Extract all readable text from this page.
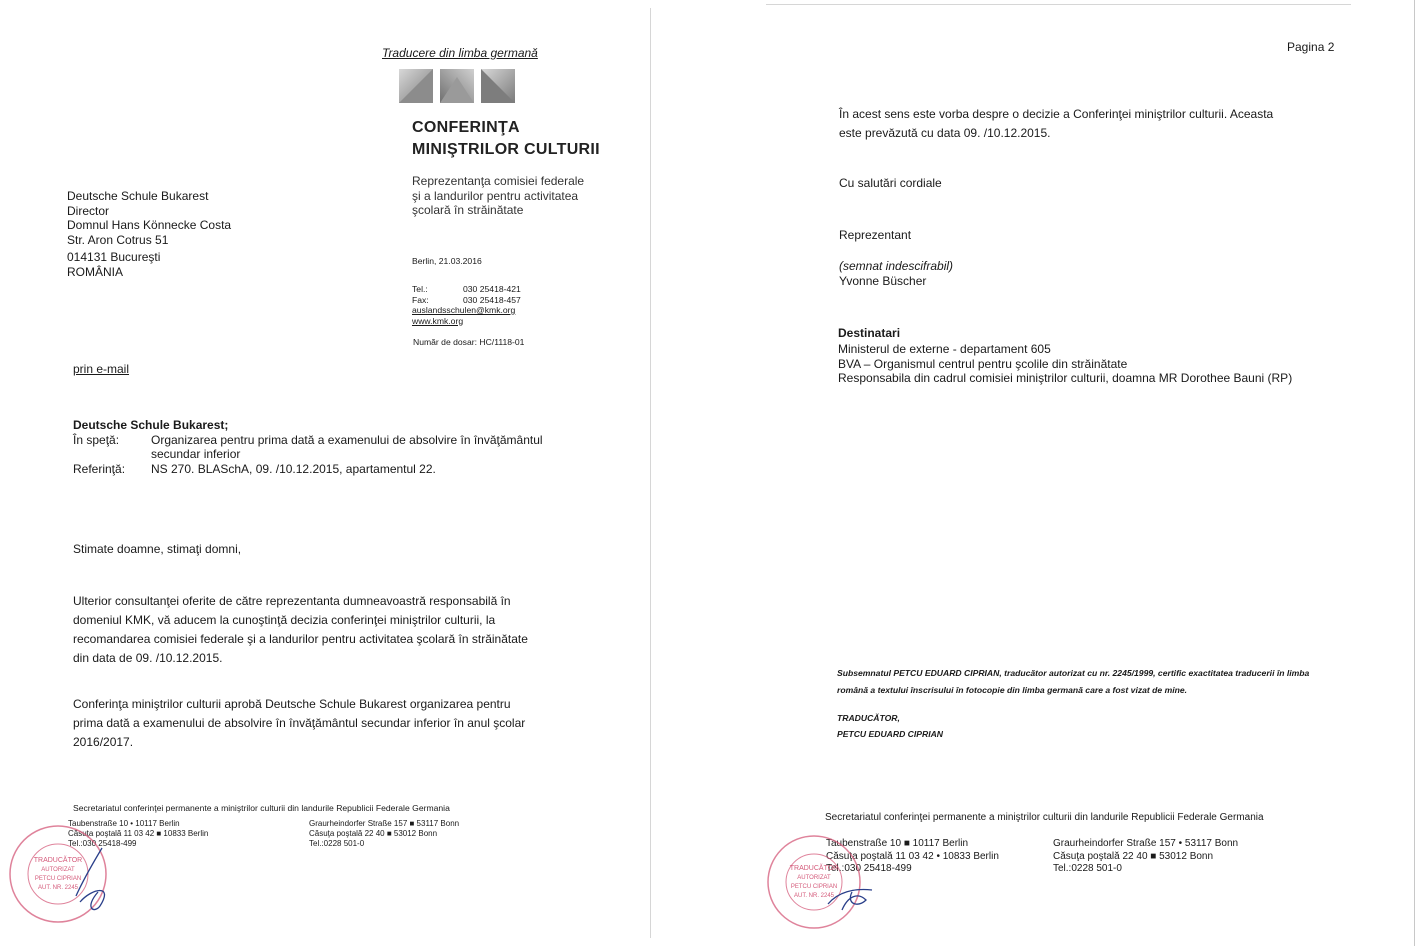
Traducere din limba germană
CONFERINŢA
MINIŞTRILOR CULTURII
Reprezentanţa comisiei federale
şi a landurilor pentru activitatea
şcolară în străinătate
Deutsche Schule Bukarest
Director
Domnul Hans Könnecke Costa
Str. Aron Cotrus 51
014131 Bucureşti
ROMÂNIA
Berlin, 21.03.2016
Tel.:	030 25418-421
Fax:	030 25418-457
auslandsschulen@kmk.org
www.kmk.org
Număr de dosar: HC/1118-01
prin e-mail
Deutsche Schule Bukarest;
În speţă:	Organizarea pentru prima dată a examenului de absolvire în învăţământul
secundar inferior
Referinţă:	NS 270. BLASchA, 09. /10.12.2015, apartamentul 22.
Stimate doamne, stimaţi domni,
Ulterior consultanţei oferite de către reprezentanta dumneavoastră responsabilă în
domeniul KMK, vă aducem la cunoştinţă decizia conferinţei miniştrilor culturii, la
recomandarea comisiei federale şi a landurilor pentru activitatea şcolară în străinătate
din data de 09. /10.12.2015.
Conferinţa miniştrilor culturii aprobă Deutsche Schule Bukarest organizarea pentru
prima dată a examenului de absolvire în învăţământul secundar inferior în anul şcolar
2016/2017.
Secretariatul conferinţei permanente a miniştrilor culturii din landurile Republicii Federale Germania
Taubenstraße 10 • 10117 Berlin
Căsuţa poştală 11 03 42 ■ 10833 Berlin
Tel.:030 25418-499
Graurheindorfer Straße 157 ■ 53117 Bonn
Căsuţa poştală 22 40 ■ 53012 Bonn
Tel.:0228 501-0
TRADUCĂTOR
AUTORIZAT
PETCU CIPRIAN
AUT. NR. 2245
Pagina 2
În acest sens este vorba despre o decizie a Conferinţei miniştrilor culturii. Aceasta
este prevăzută cu data 09. /10.12.2015.
Cu salutări cordiale
Reprezentant
(semnat indescifrabil)
Yvonne Büscher
Destinatari
Ministerul de externe - departament 605
BVA – Organismul centrul pentru şcolile din străinătate
Responsabila din cadrul comisiei miniştrilor culturii, doamna MR Dorothee Bauni (RP)
Subsemnatul PETCU EDUARD CIPRIAN, traducător autorizat cu nr. 2245/1999, certific exactitatea traducerii în limba
română a textului înscrisului în fotocopie din limba germană care a fost vizat de mine.
TRADUCĂTOR,
PETCU EDUARD CIPRIAN
Secretariatul conferinţei permanente a miniştrilor culturii din landurile Republicii Federale Germania
Taubenstraße 10 ■ 10117 Berlin
Căsuţa poştală 11 03 42 • 10833 Berlin
Tel.:030 25418-499
Graurheindorfer Straße 157 • 53117 Bonn
Căsuţa poştală 22 40 ■ 53012 Bonn
Tel.:0228 501-0
TRADUCĂTOR
AUTORIZAT
PETCU CIPRIAN
AUT. NR. 2245
